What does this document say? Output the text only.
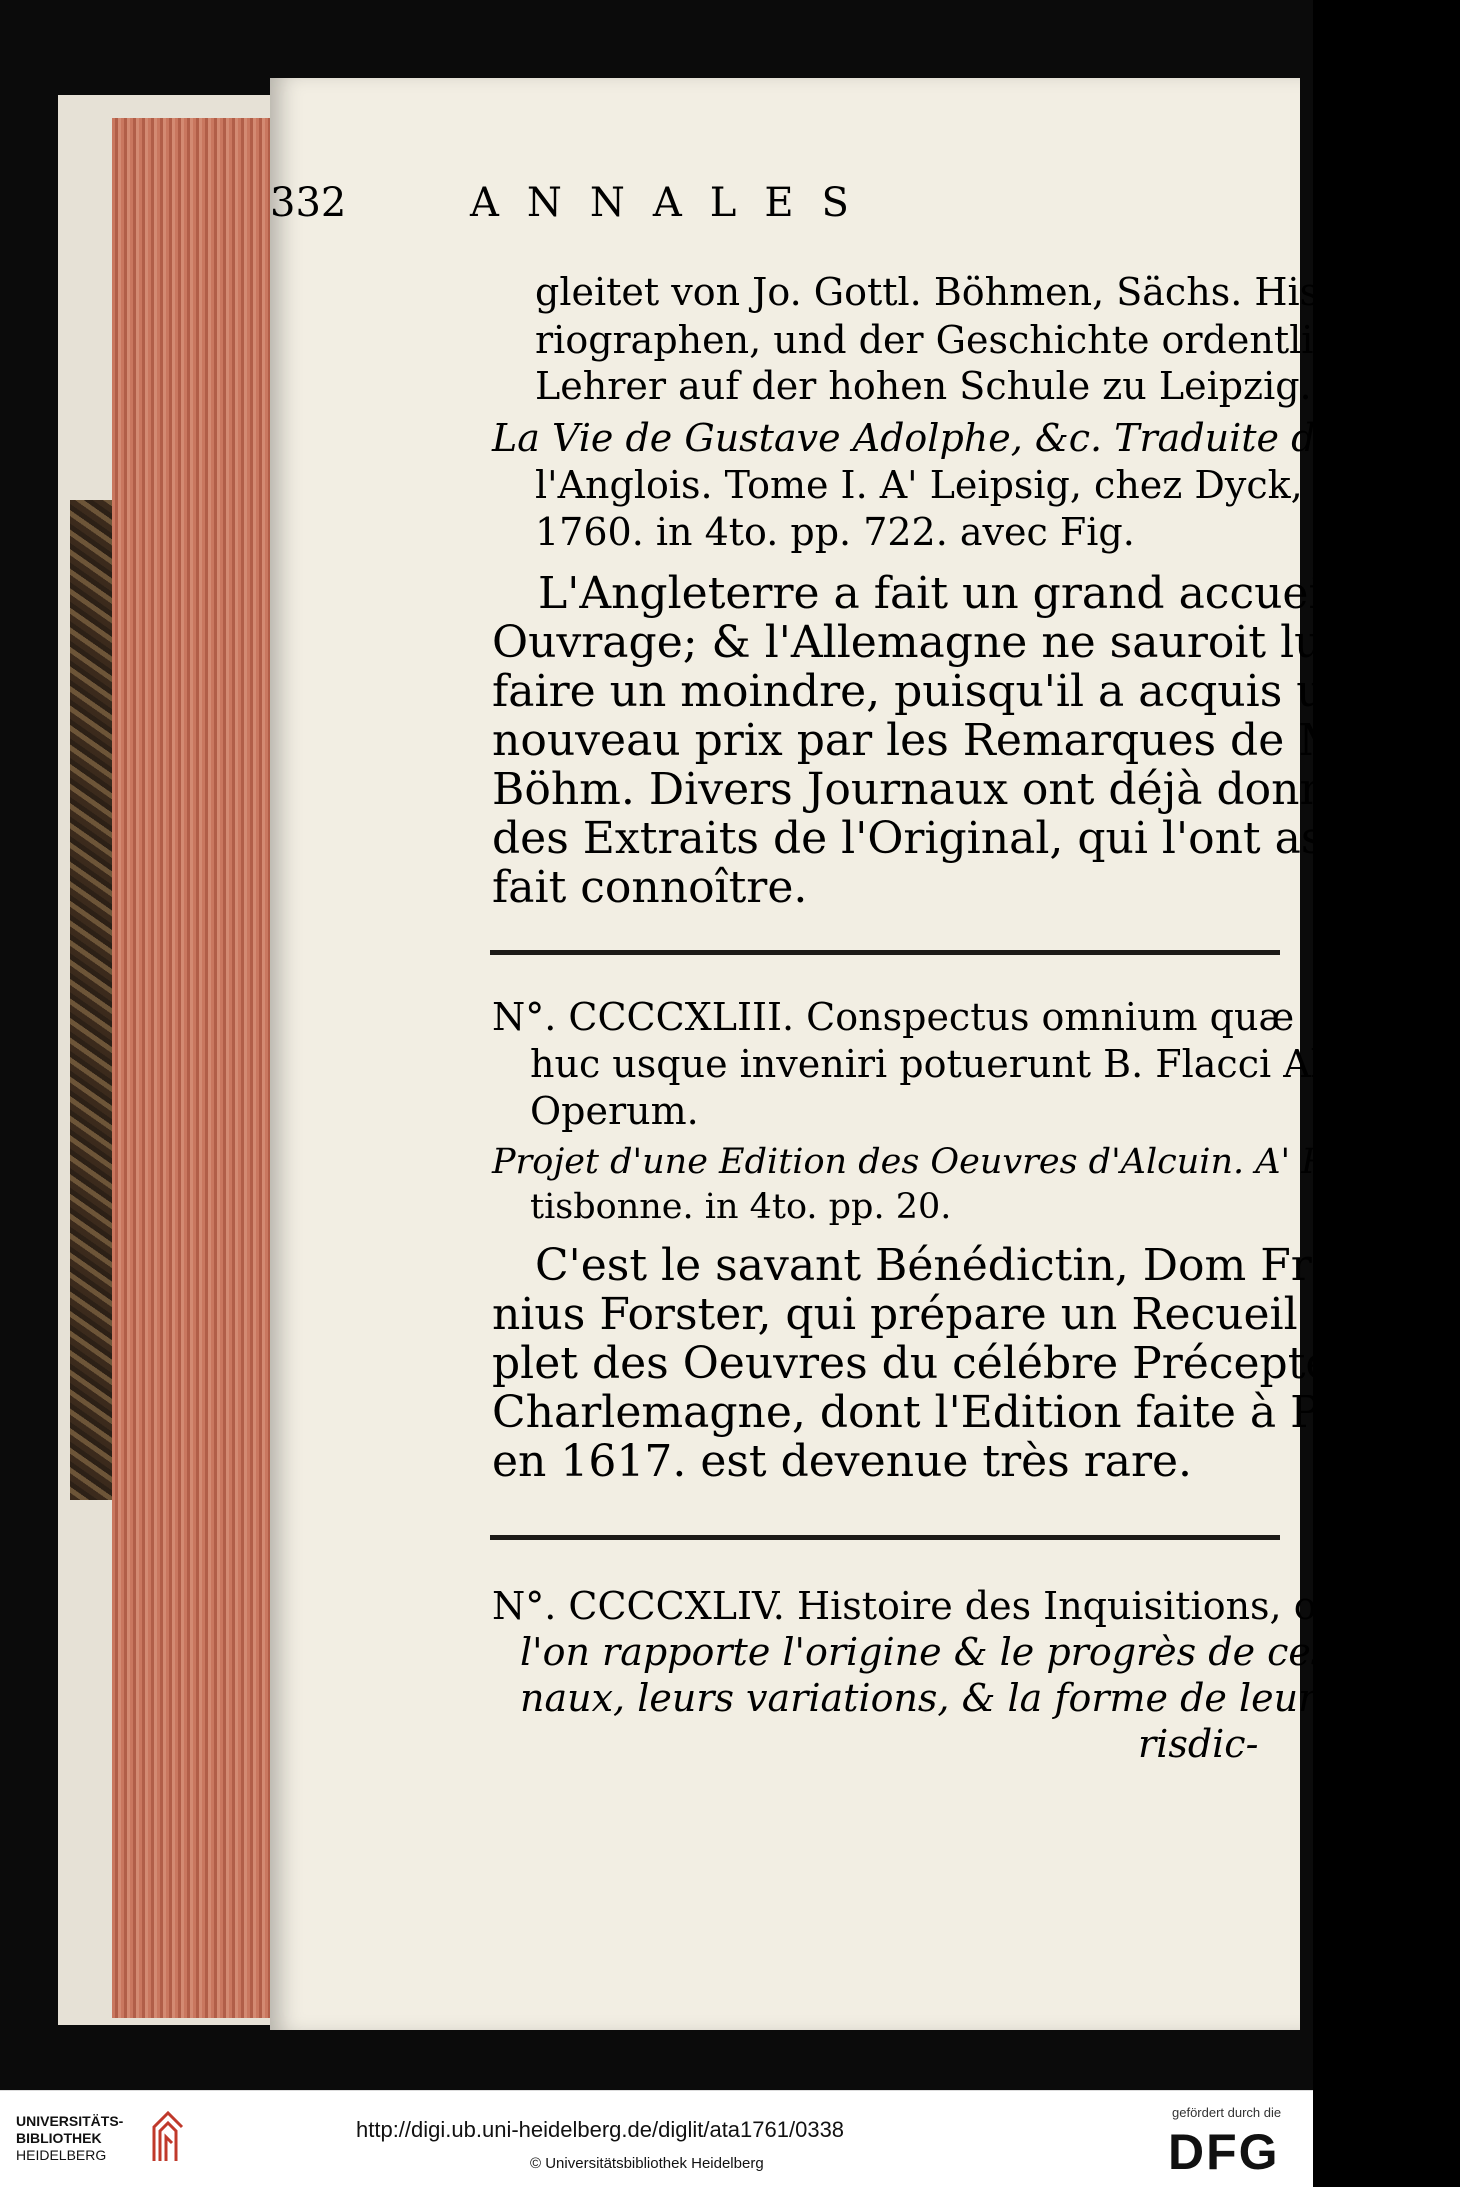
332	ANNALES
gleitet von Jo. Gottl. Böhmen, Sächs. Histo-
riographen, und der Geschichte ordentlicher
Lehrer auf der hohen Schule zu Leipzig.
La Vie de Gustave Adolphe, &c. Traduite de
l'Anglois. Tome I. A' Leipsig, chez Dyck,
1760. in 4to. pp. 722. avec Fig.
L'Angleterre a fait un grand accueil à cet
Ouvrage; & l'Allemagne ne sauroit lui en
faire un moindre, puisqu'il a acquis un
nouveau prix par les Remarques de M.
Böhm. Divers Journaux ont déjà donné
des Extraits de l'Original, qui l'ont assez
fait connoître.
N°. CCCCXLIII. Conspectus omnium quæ
huc usque inveniri potuerunt B. Flacci Alcuini
Operum.
Projet d'une Edition des Oeuvres d'Alcuin. A' Ra-
tisbonne. in 4to. pp. 20.
C'est le savant Bénédictin, Dom Frobe-
nius Forster, qui prépare un Recueil com-
plet des Oeuvres du célébre Précepteur de
Charlemagne, dont l'Edition faite à Paris
en 1617. est devenue très rare.
N°. CCCCXLIV. Histoire des Inquisitions, où
l'on rapporte l'origine & le progrès de ces Tribu-
naux, leurs variations, & la forme de leur ju-
risdic-
UNIVERSITÄTS-
BIBLIOTHEK
HEIDELBERG
http://digi.ub.uni-heidelberg.de/diglit/ata1761/0338
© Universitätsbibliothek Heidelberg
gefördert durch die
DFG
